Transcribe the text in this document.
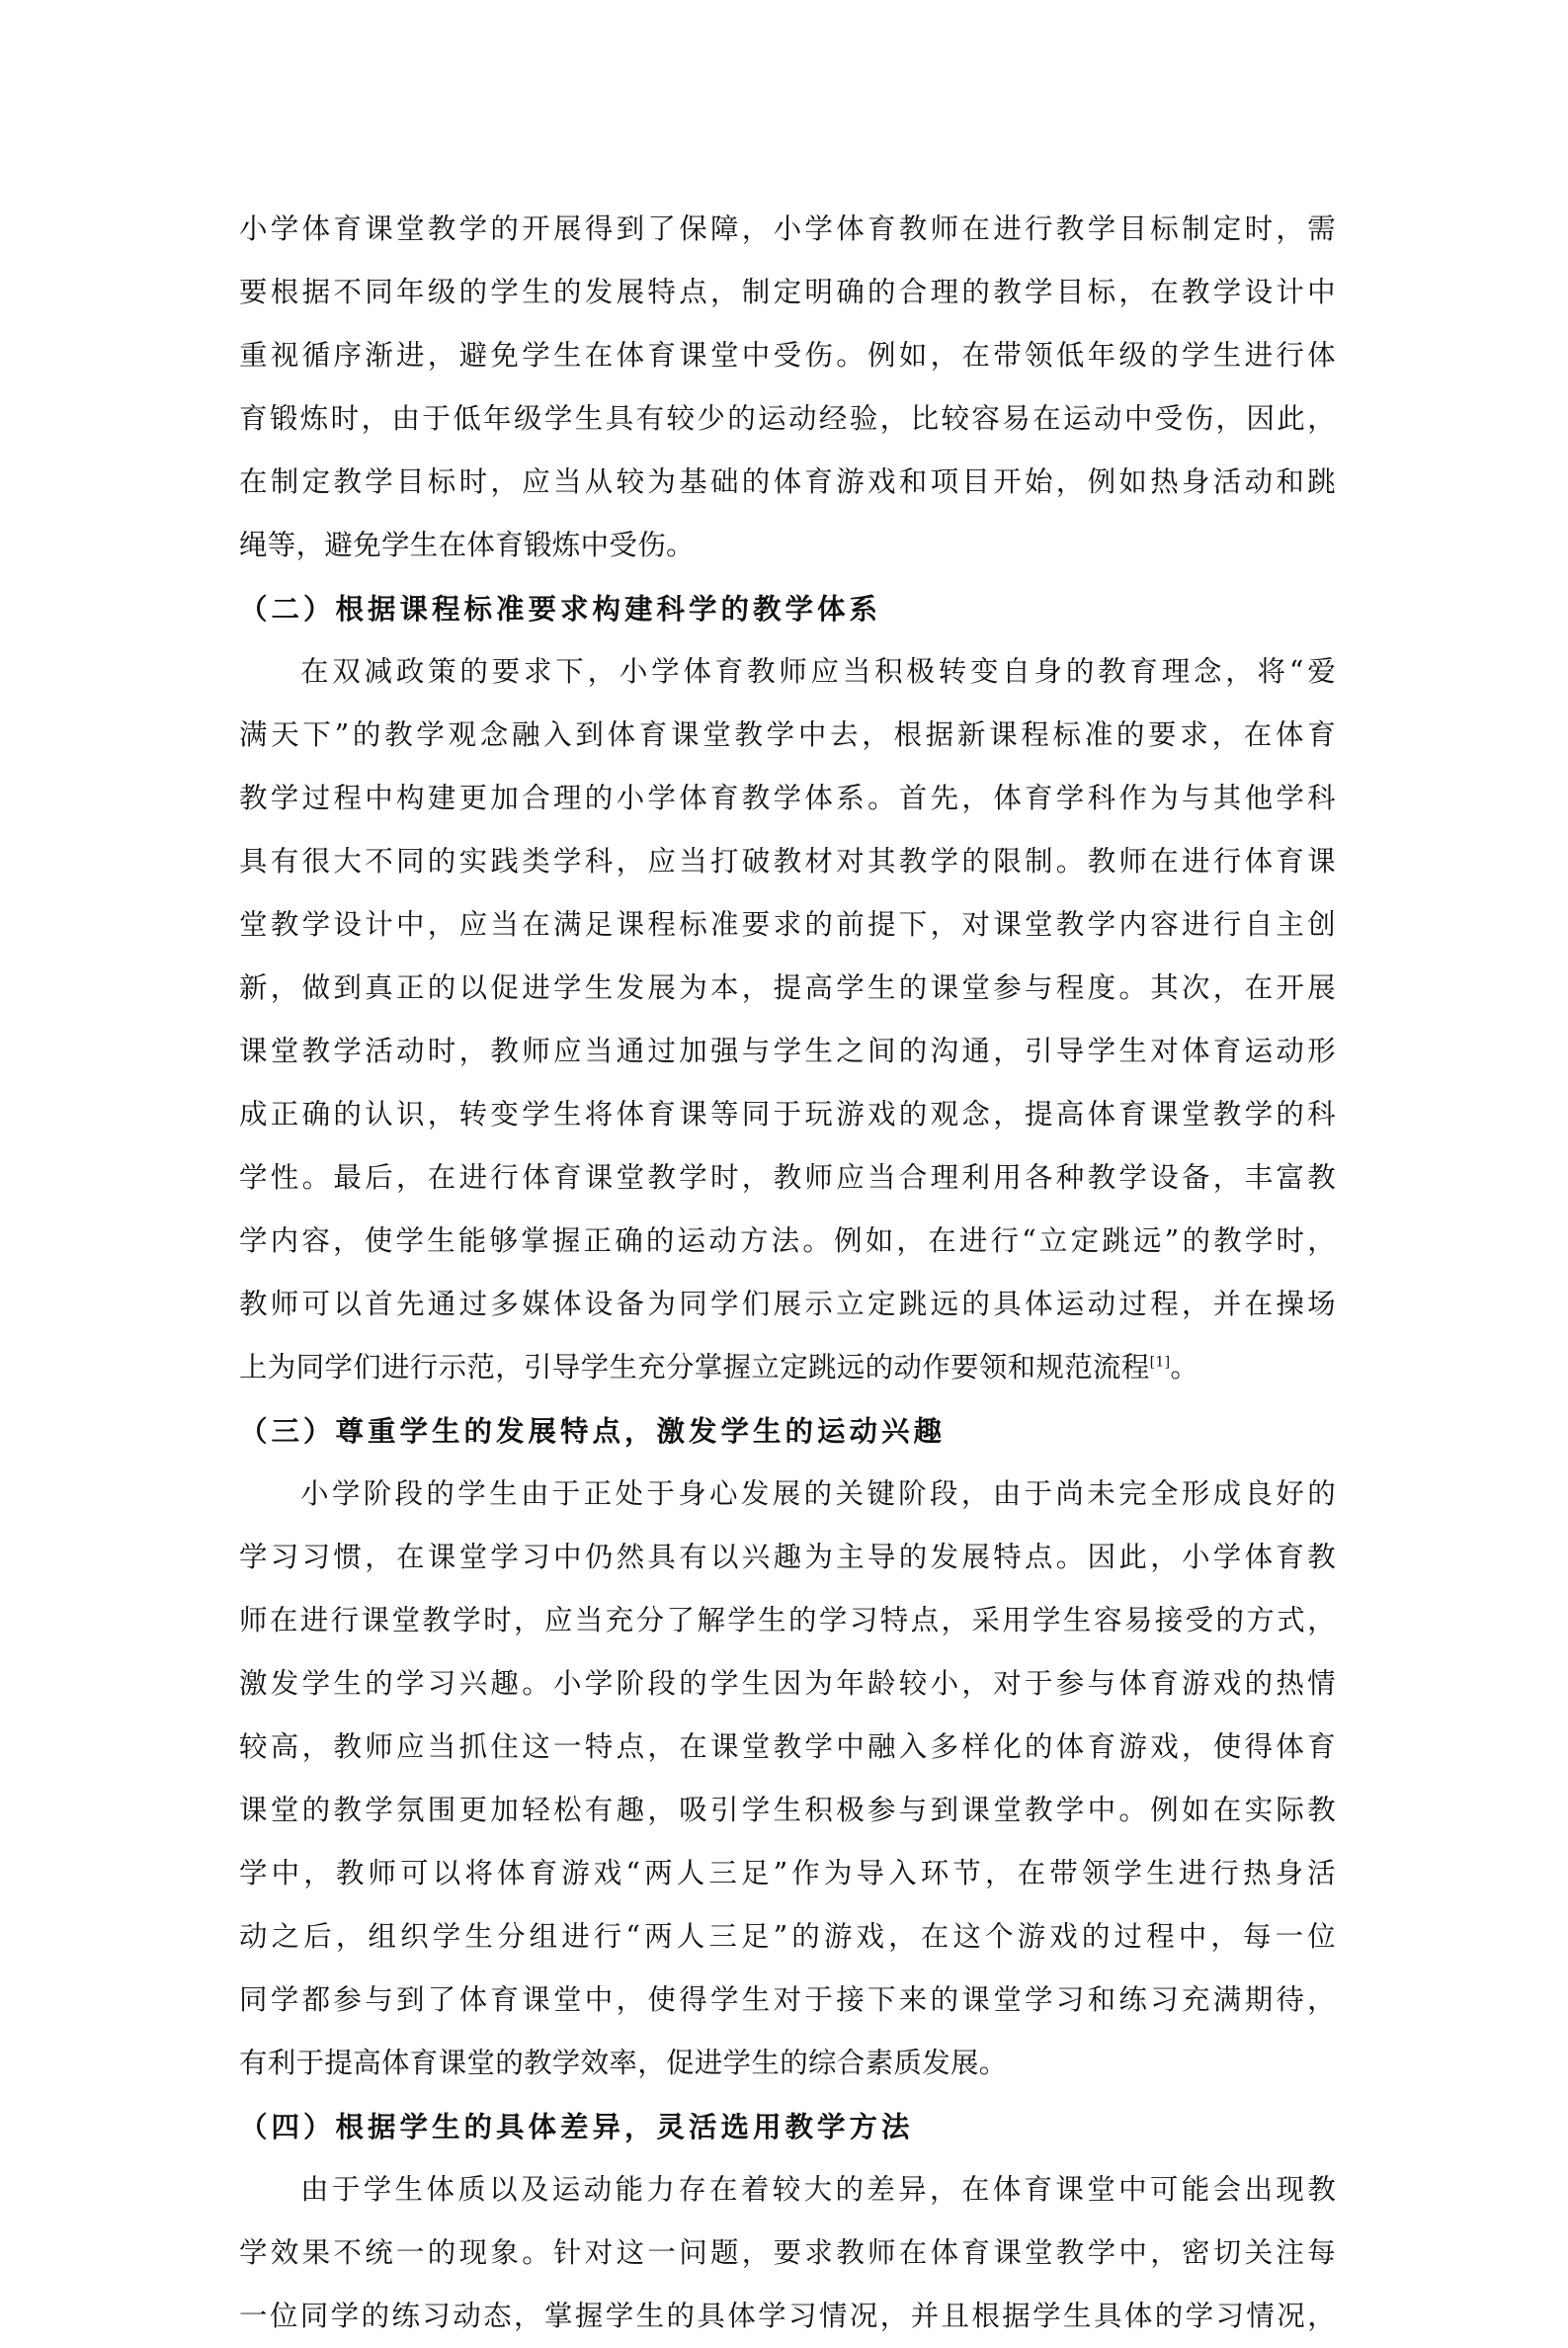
小学体育课堂教学的开展得到了保障，小学体育教师在进行教学目标制定时，需
要根据不同年级的学生的发展特点，制定明确的合理的教学目标，在教学设计中
重视循序渐进，避免学生在体育课堂中受伤。例如，在带领低年级的学生进行体
育锻炼时，由于低年级学生具有较少的运动经验，比较容易在运动中受伤，因此，
在制定教学目标时，应当从较为基础的体育游戏和项目开始，例如热身活动和跳
绳等，避免学生在体育锻炼中受伤。
（二）根据课程标准要求构建科学的教学体系
在双减政策的要求下，小学体育教师应当积极转变自身的教育理念，将“爱
满天下”的教学观念融入到体育课堂教学中去，根据新课程标准的要求，在体育
教学过程中构建更加合理的小学体育教学体系。首先，体育学科作为与其他学科
具有很大不同的实践类学科，应当打破教材对其教学的限制。教师在进行体育课
堂教学设计中，应当在满足课程标准要求的前提下，对课堂教学内容进行自主创
新，做到真正的以促进学生发展为本，提高学生的课堂参与程度。其次，在开展
课堂教学活动时，教师应当通过加强与学生之间的沟通，引导学生对体育运动形
成正确的认识，转变学生将体育课等同于玩游戏的观念，提高体育课堂教学的科
学性。最后，在进行体育课堂教学时，教师应当合理利用各种教学设备，丰富教
学内容，使学生能够掌握正确的运动方法。例如，在进行“立定跳远”的教学时，
教师可以首先通过多媒体设备为同学们展示立定跳远的具体运动过程，并在操场
上为同学们进行示范，引导学生充分掌握立定跳远的动作要领和规范流程[1]。
（三）尊重学生的发展特点，激发学生的运动兴趣
小学阶段的学生由于正处于身心发展的关键阶段，由于尚未完全形成良好的
学习习惯，在课堂学习中仍然具有以兴趣为主导的发展特点。因此，小学体育教
师在进行课堂教学时，应当充分了解学生的学习特点，采用学生容易接受的方式，
激发学生的学习兴趣。小学阶段的学生因为年龄较小，对于参与体育游戏的热情
较高，教师应当抓住这一特点，在课堂教学中融入多样化的体育游戏，使得体育
课堂的教学氛围更加轻松有趣，吸引学生积极参与到课堂教学中。例如在实际教
学中，教师可以将体育游戏“两人三足”作为导入环节，在带领学生进行热身活
动之后，组织学生分组进行“两人三足”的游戏，在这个游戏的过程中，每一位
同学都参与到了体育课堂中，使得学生对于接下来的课堂学习和练习充满期待，
有利于提高体育课堂的教学效率，促进学生的综合素质发展。
（四）根据学生的具体差异，灵活选用教学方法
由于学生体质以及运动能力存在着较大的差异，在体育课堂中可能会出现教
学效果不统一的现象。针对这一问题，要求教师在体育课堂教学中，密切关注每
一位同学的练习动态，掌握学生的具体学习情况，并且根据学生具体的学习情况，
